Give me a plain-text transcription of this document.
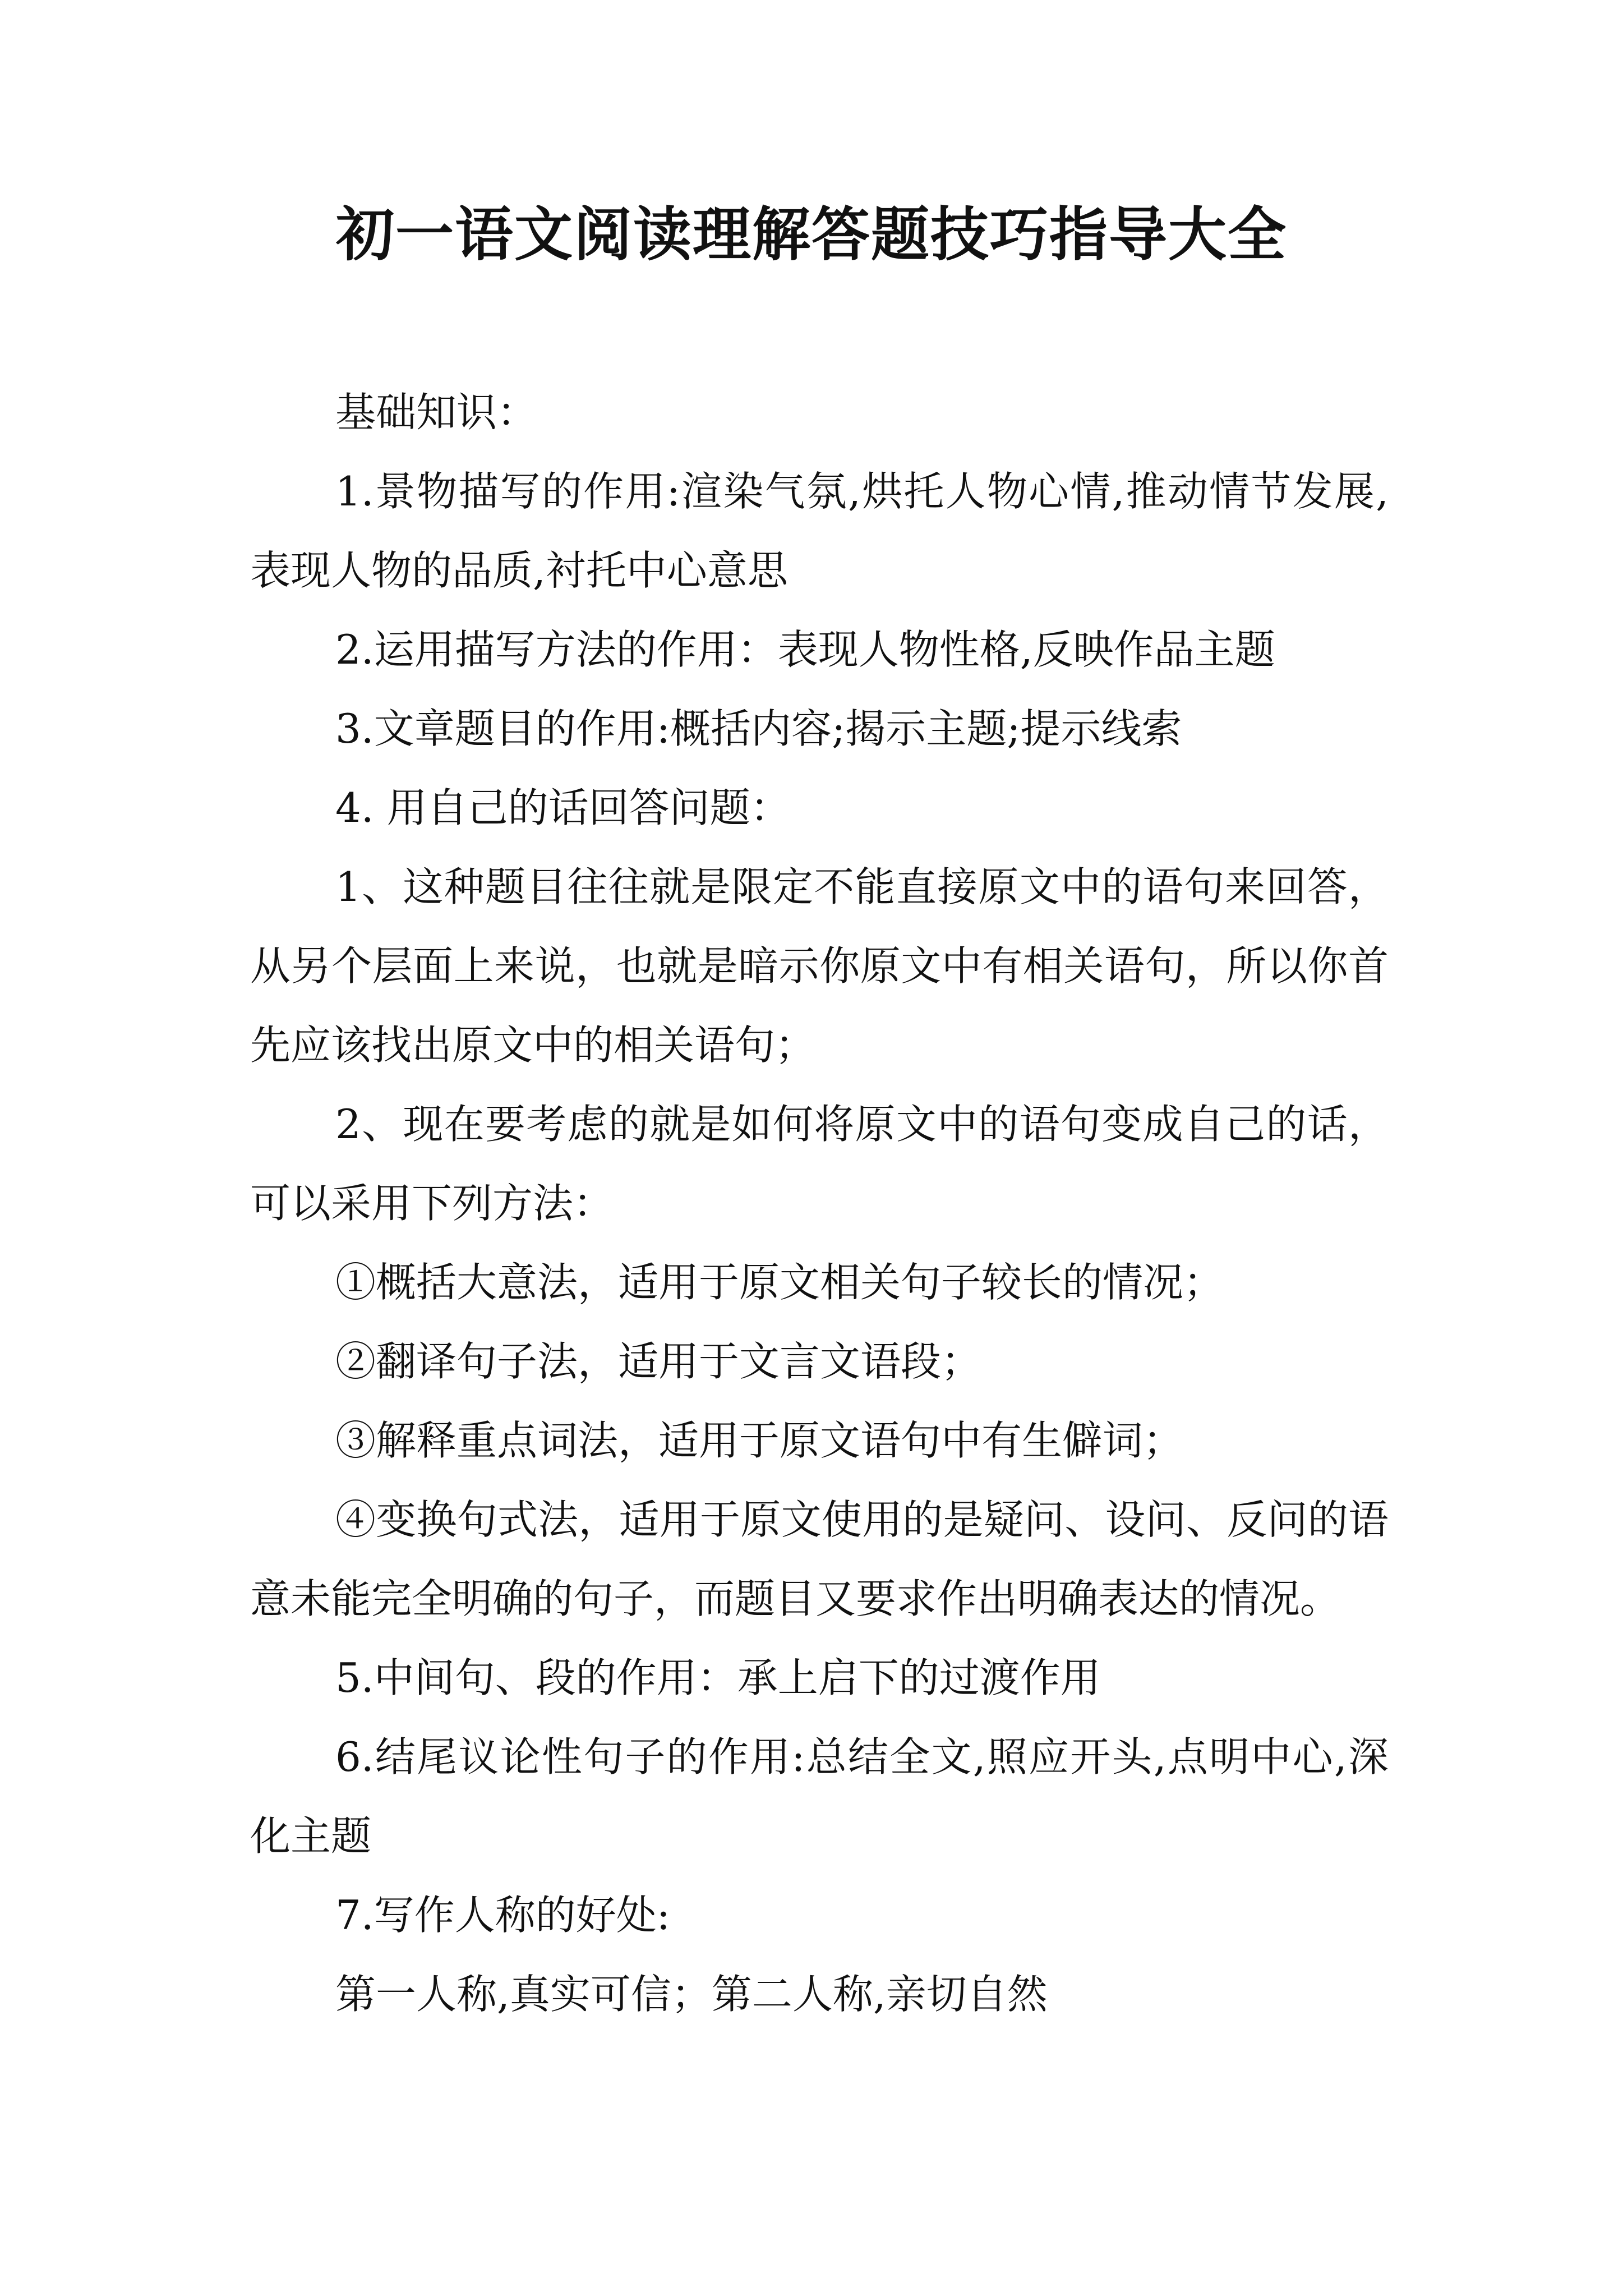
初一语文阅读理解答题技巧指导大全

基础知识：

1.景物描写的作用:渲染气氛,烘托人物心情,推动情节发展,表现人物的品质,衬托中心意思

2.运用描写方法的作用：表现人物性格,反映作品主题

3.文章题目的作用:概括内容;揭示主题;提示线索

4. 用自己的话回答问题：

1、这种题目往往就是限定不能直接原文中的语句来回答，从另个层面上来说，也就是暗示你原文中有相关语句，所以你首先应该找出原文中的相关语句；

2、现在要考虑的就是如何将原文中的语句变成自己的话，可以采用下列方法：

①概括大意法，适用于原文相关句子较长的情况；

②翻译句子法，适用于文言文语段；

③解释重点词法，适用于原文语句中有生僻词；

④变换句式法，适用于原文使用的是疑问、设问、反问的语意未能完全明确的句子，而题目又要求作出明确表达的情况。

5.中间句、段的作用：承上启下的过渡作用

6.结尾议论性句子的作用:总结全文,照应开头,点明中心,深化主题

7.写作人称的好处:

第一人称,真实可信；第二人称,亲切自然
